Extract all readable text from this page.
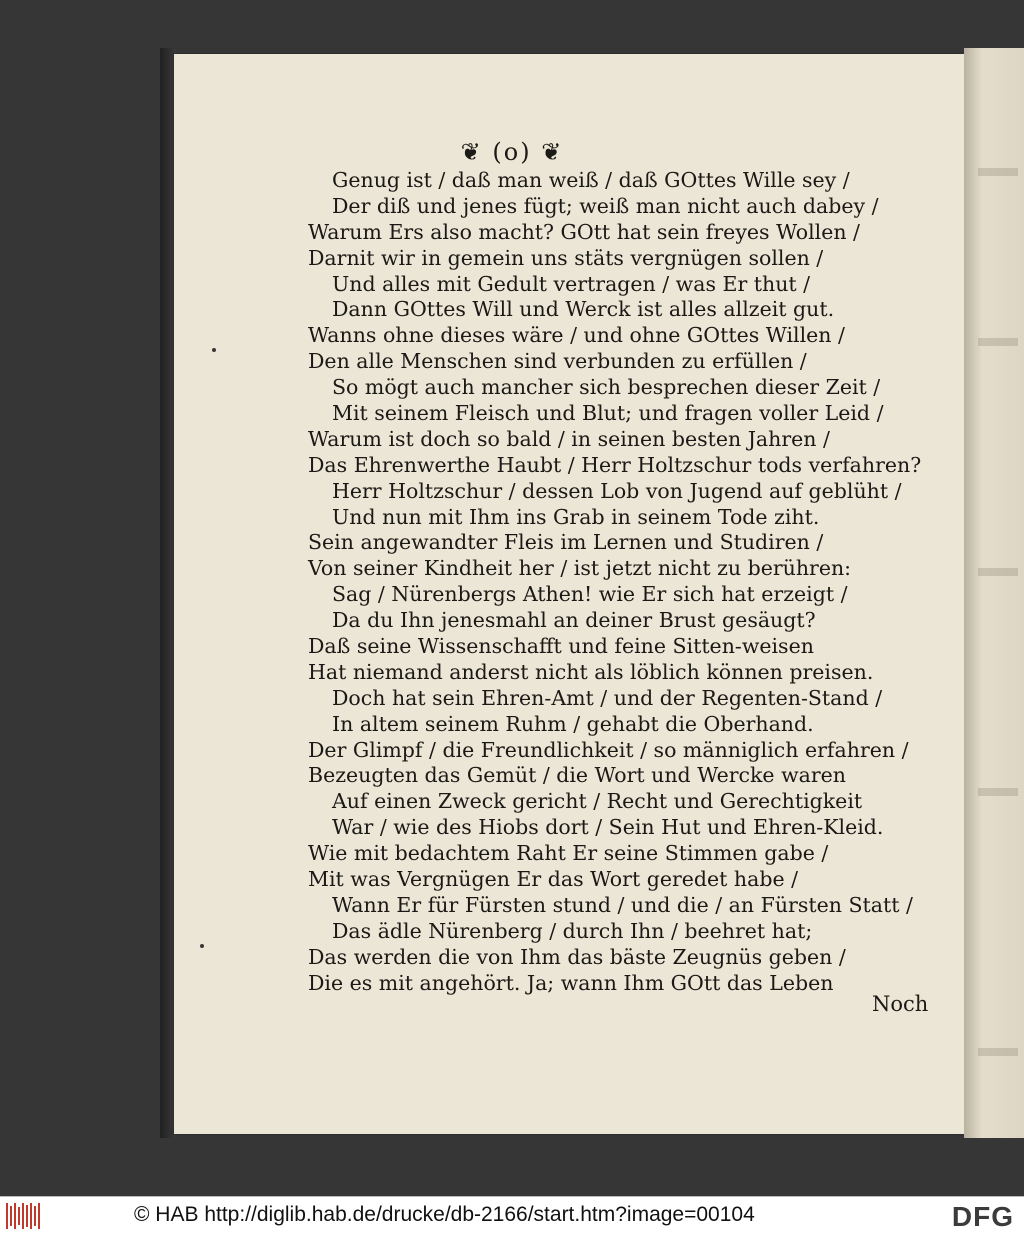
❦ (o) ❦
Genug ist / daß man weiß / daß GOttes Wille sey /
Der diß und jenes fügt; weiß man nicht auch dabey /
Warum Ers also macht? GOtt hat sein freyes Wollen /
Darnit wir in gemein uns stäts vergnügen sollen /
Und alles mit Gedult vertragen / was Er thut /
Dann GOttes Will und Werck ist alles allzeit gut.
Wanns ohne dieses wäre / und ohne GOttes Willen /
Den alle Menschen sind verbunden zu erfüllen /
So mögt auch mancher sich besprechen dieser Zeit /
Mit seinem Fleisch und Blut; und fragen voller Leid /
Warum ist doch so bald / in seinen besten Jahren /
Das Ehrenwerthe Haubt / Herr Holtzschur tods verfahren?
Herr Holtzschur / dessen Lob von Jugend auf geblüht /
Und nun mit Ihm ins Grab in seinem Tode ziht.
Sein angewandter Fleis im Lernen und Studiren /
Von seiner Kindheit her / ist jetzt nicht zu berühren:
Sag / Nürenbergs Athen! wie Er sich hat erzeigt /
Da du Ihn jenesmahl an deiner Brust gesäugt?
Daß seine Wissenschafft und feine Sitten-weisen
Hat niemand anderst nicht als löblich können preisen.
Doch hat sein Ehren-Amt / und der Regenten-Stand /
In altem seinem Ruhm / gehabt die Oberhand.
Der Glimpf / die Freundlichkeit / so männiglich erfahren /
Bezeugten das Gemüt / die Wort und Wercke waren
Auf einen Zweck gericht / Recht und Gerechtigkeit
War / wie des Hiobs dort / Sein Hut und Ehren-Kleid.
Wie mit bedachtem Raht Er seine Stimmen gabe /
Mit was Vergnügen Er das Wort geredet habe /
Wann Er für Fürsten stund / und die / an Fürsten Statt /
Das ädle Nürenberg / durch Ihn / beehret hat;
Das werden die von Ihm das bäste Zeugnüs geben /
Die es mit angehört. Ja; wann Ihm GOtt das Leben
Noch
© HAB http://diglib.hab.de/drucke/db-2166/start.htm?image=00104	DFG
